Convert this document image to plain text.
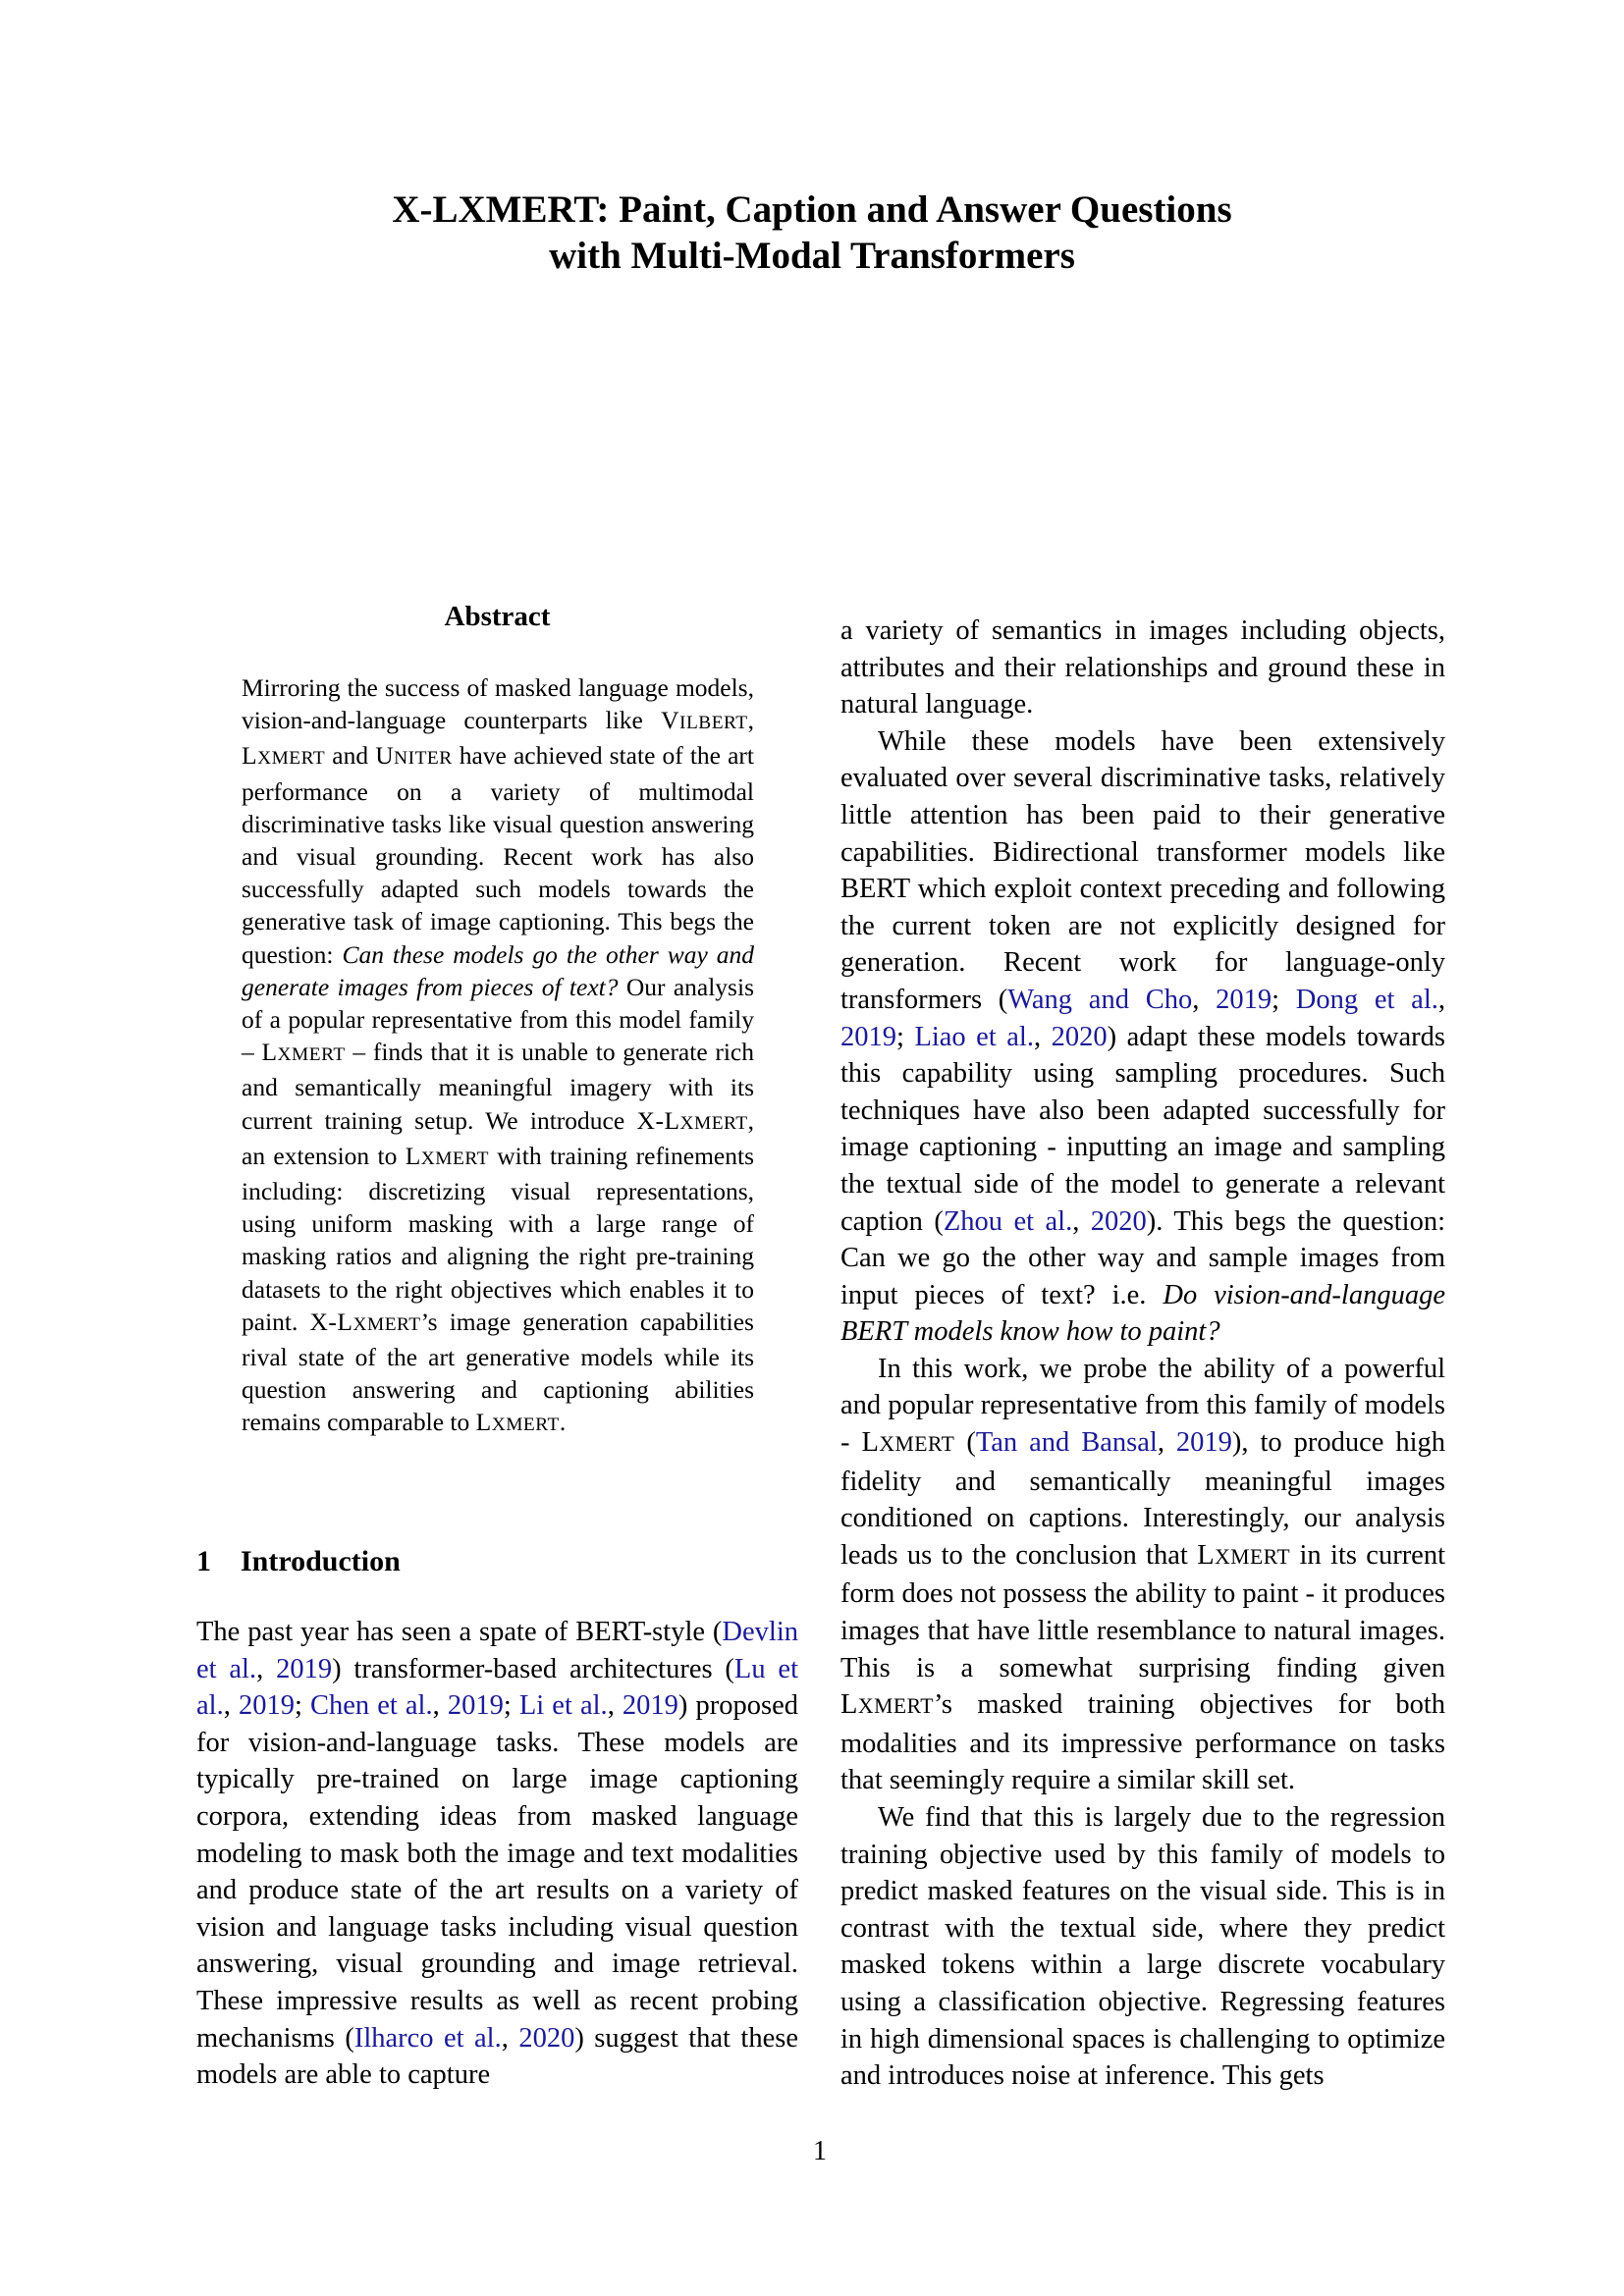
X-LXMERT: Paint, Caption and Answer Questions
with Multi-Modal Transformers
Abstract
Mirroring the success of masked language models, vision-and-language counterparts like VILBERT, LXMERT and UNITER have achieved state of the art performance on a variety of multimodal discriminative tasks like visual question answering and visual grounding. Recent work has also successfully adapted such models towards the generative task of image captioning. This begs the question: Can these models go the other way and generate images from pieces of text? Our analysis of a popular representative from this model family – LXMERT – finds that it is unable to generate rich and semantically meaningful imagery with its current training setup. We introduce X-LXMERT, an extension to LXMERT with training refinements including: discretizing visual representations, using uniform masking with a large range of masking ratios and aligning the right pre-training datasets to the right objectives which enables it to paint. X-LXMERT’s image generation capabilities rival state of the art generative models while its question answering and captioning abilities remains comparable to LXMERT.
1 Introduction
The past year has seen a spate of BERT-style (Devlin et al., 2019) transformer-based architectures (Lu et al., 2019; Chen et al., 2019; Li et al., 2019) proposed for vision-and-language tasks. These models are typically pre-trained on large image captioning corpora, extending ideas from masked language modeling to mask both the image and text modalities and produce state of the art results on a variety of vision and language tasks including visual question answering, visual grounding and image retrieval. These impressive results as well as recent probing mechanisms (Ilharco et al., 2020) suggest that these models are able to capture

a variety of semantics in images including objects, attributes and their relationships and ground these in natural language.

While these models have been extensively evaluated over several discriminative tasks, relatively little attention has been paid to their generative capabilities. Bidirectional transformer models like BERT which exploit context preceding and following the current token are not explicitly designed for generation. Recent work for language-only transformers (Wang and Cho, 2019; Dong et al., 2019; Liao et al., 2020) adapt these models towards this capability using sampling procedures. Such techniques have also been adapted successfully for image captioning - inputting an image and sampling the textual side of the model to generate a relevant caption (Zhou et al., 2020). This begs the question: Can we go the other way and sample images from input pieces of text? i.e. Do vision-and-language BERT models know how to paint?

In this work, we probe the ability of a powerful and popular representative from this family of models - LXMERT (Tan and Bansal, 2019), to produce high fidelity and semantically meaningful images conditioned on captions. Interestingly, our analysis leads us to the conclusion that LXMERT in its current form does not possess the ability to paint - it produces images that have little resemblance to natural images. This is a somewhat surprising finding given LXMERT’s masked training objectives for both modalities and its impressive performance on tasks that seemingly require a similar skill set.

We find that this is largely due to the regression training objective used by this family of models to predict masked features on the visual side. This is in contrast with the textual side, where they predict masked tokens within a large discrete vocabulary using a classification objective. Regressing features in high dimensional spaces is challenging to optimize and introduces noise at inference. This gets

1
